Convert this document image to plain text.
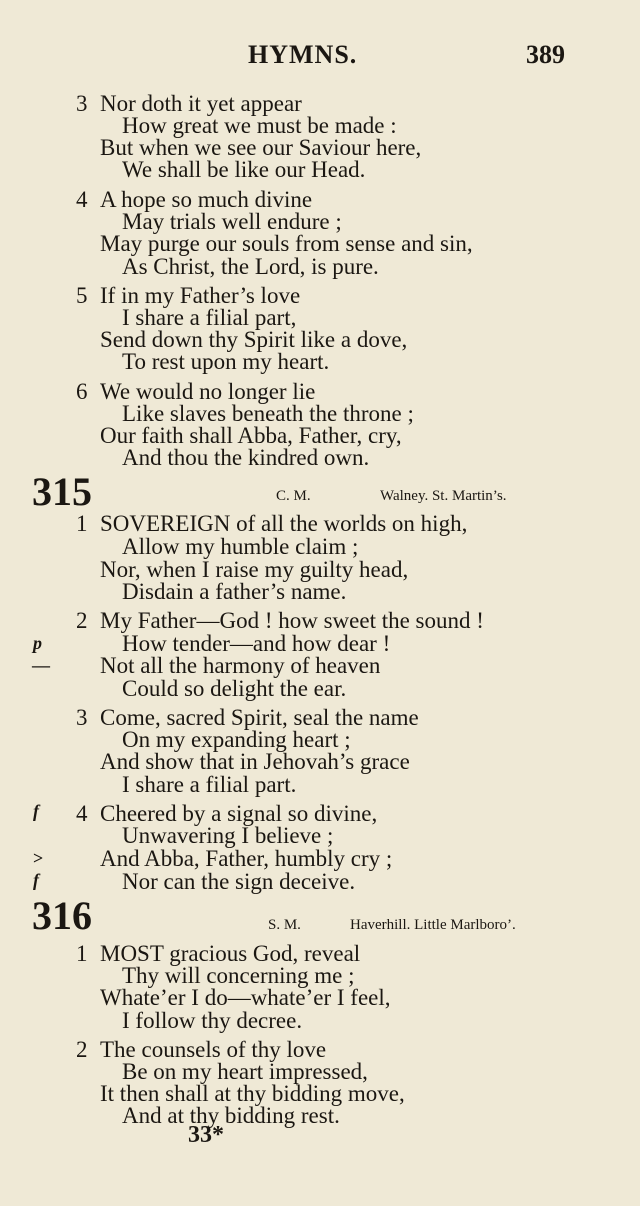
HYMNS.	389
3 Nor doth it yet appear
How great we must be made :
But when we see our Saviour here,
We shall be like our Head.
4 A hope so much divine
May trials well endure ;
May purge our souls from sense and sin,
As Christ, the Lord, is pure.
5 If in my Father’s love
I share a filial part,
Send down thy Spirit like a dove,
To rest upon my heart.
6 We would no longer lie
Like slaves beneath the throne ;
Our faith shall Abba, Father, cry,
And thou the kindred own.
315	C. M.	Walney. St. Martin’s.
1 SOVEREIGN of all the worlds on high,
Allow my humble claim ;
Nor, when I raise my guilty head,
Disdain a father’s name.
2 My Father—God ! how sweet the sound !
p	How tender—and how dear !
— Not all the harmony of heaven
Could so delight the ear.
3 Come, sacred Spirit, seal the name
On my expanding heart ;
And show that in Jehovah’s grace
I share a filial part.
f 4 Cheered by a signal so divine,
Unwavering I believe ;
> And Abba, Father, humbly cry ;
f	Nor can the sign deceive.
316	S. M.	Haverhill. Little Marlboro’.
1 MOST gracious God, reveal
Thy will concerning me ;
Whate’er I do—whate’er I feel,
I follow thy decree.
2 The counsels of thy love
Be on my heart impressed,
It then shall at thy bidding move,
And at thy bidding rest.
33*
